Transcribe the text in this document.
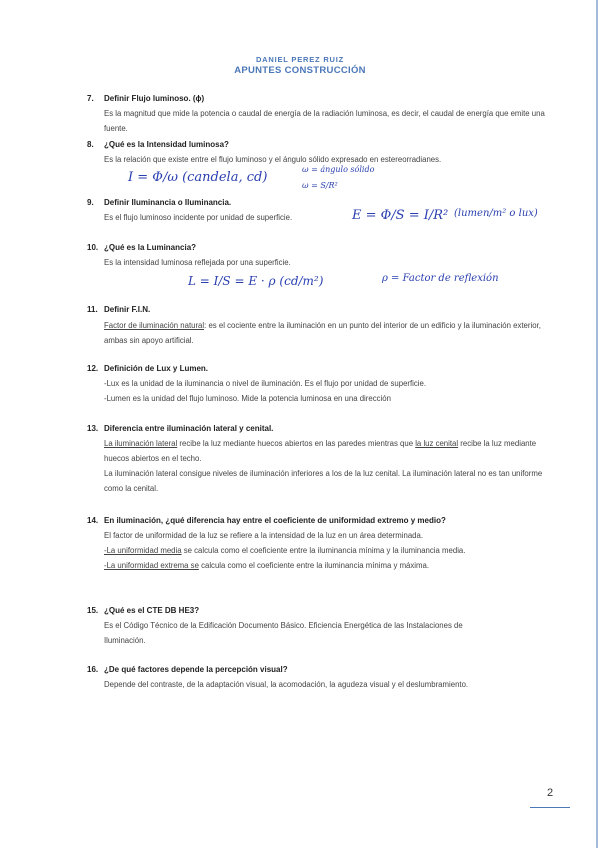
DANIEL PEREZ RUIZ
APUNTES CONSTRUCCIÓN
7. Definir Flujo luminoso. (ɸ)
Es la magnitud que mide la potencia o caudal de energía de la radiación luminosa, es decir, el caudal de energía que emite una fuente.
8. ¿Qué es la Intensidad luminosa?
Es la relación que existe entre el flujo luminoso y el ángulo sólido expresado en estereorradianes.
I = Φ/ω (candela, cd)
ω = ángulo sólido
ω = S/R²
9. Definir Iluminancia o Iluminancia.
Es el flujo luminoso incidente por unidad de superficie.	E = Φ/S = I/R² (lumen/m² o lux)
10. ¿Qué es la Luminancia?
Es la intensidad luminosa reflejada por una superficie.
L = I/S = E · ρ (cd/m²)	ρ = Factor de reflexión
11. Definir F.I.N.
Factor de iluminación natural: es el cociente entre la iluminación en un punto del interior de un edificio y la iluminación exterior, ambas sin apoyo artificial.
12. Definición de Lux y Lumen.

-Lux es la unidad de la iluminancia o nivel de iluminación. Es el flujo por unidad de superficie.

-Lumen es la unidad del flujo luminoso. Mide la potencia luminosa en una dirección

13. Diferencia entre iluminación lateral y cenital.

La iluminación lateral recibe la luz mediante huecos abiertos en las paredes mientras que la luz cenital recibe la luz mediante huecos abiertos en el techo.

La iluminación lateral consigue niveles de iluminación inferiores a los de la luz cenital. La iluminación lateral no es tan uniforme como la cenital.

14. En iluminación, ¿qué diferencia hay entre el coeficiente de uniformidad extremo y medio?

El factor de uniformidad de la luz se refiere a la intensidad de la luz en un área determinada.

-La uniformidad media se calcula como el coeficiente entre la iluminancia mínima y la iluminancia media.

-La uniformidad extrema se calcula como el coeficiente entre la iluminancia mínima y máxima.

15. ¿Qué es el CTE DB HE3?
Es el Código Técnico de la Edificación Documento Básico. Eficiencia Energética de las Instalaciones de Iluminación.
16. ¿De qué factores depende la percepción visual?
Depende del contraste, de la adaptación visual, la acomodación, la agudeza visual y el deslumbramiento.
2
